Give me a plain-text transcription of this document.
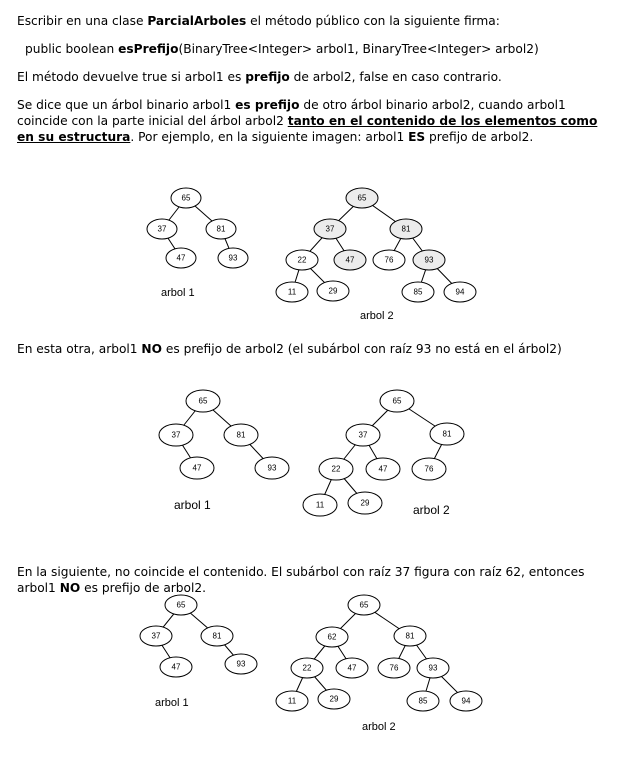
Escribir en una clase ParcialArboles el método público con la siguiente firma:

public boolean esPrefijo(BinaryTree<Integer> arbol1, BinaryTree<Integer> arbol2)

El método devuelve true si arbol1 es prefijo de arbol2, false en caso contrario.

Se dice que un árbol binario arbol1 es prefijo de otro árbol binario arbol2, cuando arbol1 coincide con la parte inicial del árbol arbol2 tanto en el contenido de los elementos como en su estructura. Por ejemplo, en la siguiente imagen: arbol1 ES prefijo de arbol2.

En esta otra, arbol1 NO es prefijo de arbol2 (el subárbol con raíz 93 no está en el árbol2)

En la siguiente, no coincide el contenido. El subárbol con raíz 37 figura con raíz 62, entonces arbol1 NO es prefijo de arbol2.

65
37	81
47	93
arbol 1
65
37	81
22	47	76	93
11	29	85	94
arbol 2
65
37	81
47	93
arbol 1
65
37	81
22	47	76
11	29	arbol 2
65
37	81
47	93
arbol 1
65
62	81
22	47	76	93
11	29	85	94
arbol 2
